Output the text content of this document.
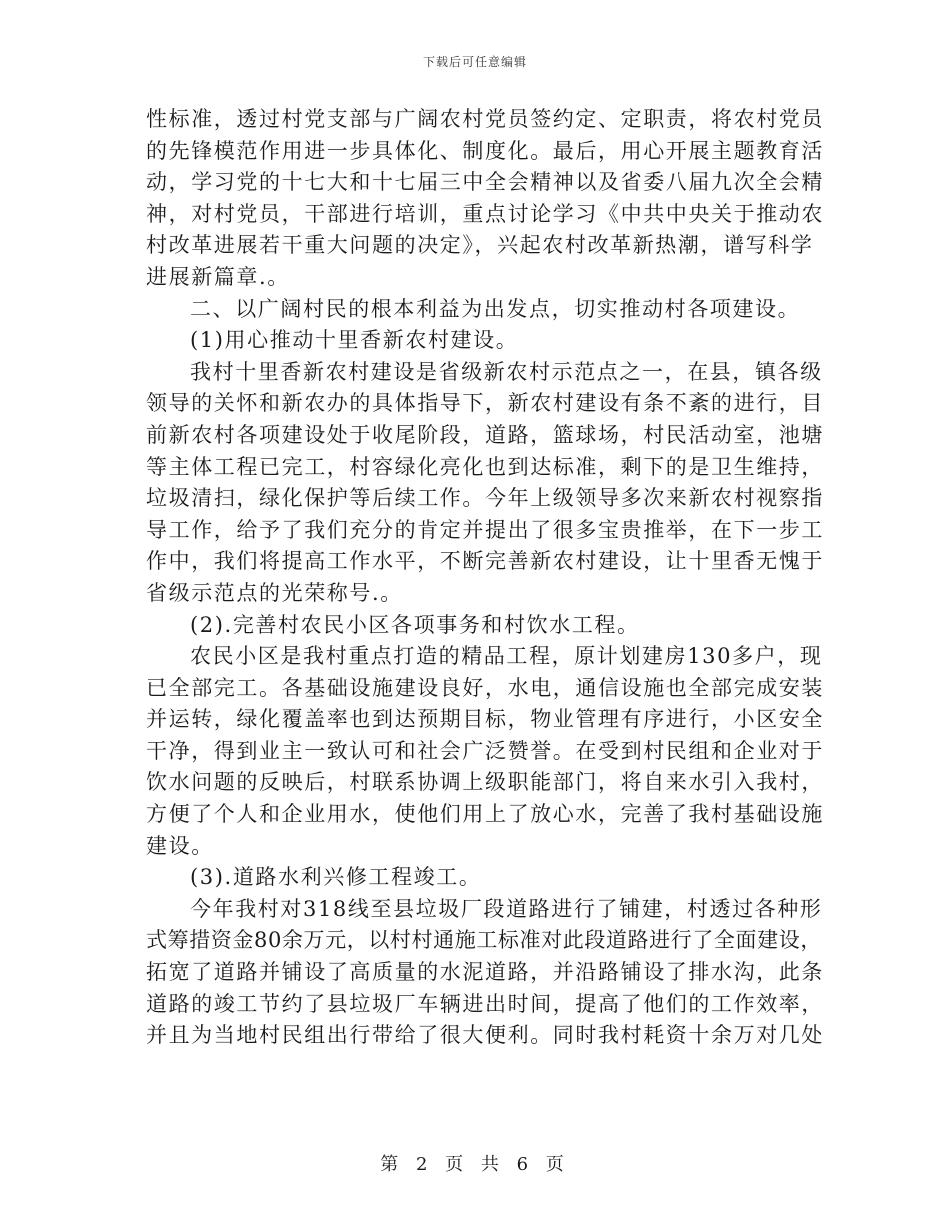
下载后可任意编辑
性标准，透过村党支部与广阔农村党员签约定、定职责，将农村党员
的先锋模范作用进一步具体化、制度化。最后，用心开展主题教育活
动，学习党的十七大和十七届三中全会精神以及省委八届九次全会精
神，对村党员，干部进行培训，重点讨论学习《中共中央关于推动农
村改革进展若干重大问题的决定》，兴起农村改革新热潮，谱写科学
进展新篇章.。
二、以广阔村民的根本利益为出发点，切实推动村各项建设。
(1)用心推动十里香新农村建设。
我村十里香新农村建设是省级新农村示范点之一，在县，镇各级
领导的关怀和新农办的具体指导下，新农村建设有条不紊的进行，目
前新农村各项建设处于收尾阶段，道路，篮球场，村民活动室，池塘
等主体工程已完工，村容绿化亮化也到达标准，剩下的是卫生维持，
垃圾清扫，绿化保护等后续工作。今年上级领导多次来新农村视察指
导工作，给予了我们充分的肯定并提出了很多宝贵推举，在下一步工
作中，我们将提高工作水平，不断完善新农村建设，让十里香无愧于
省级示范点的光荣称号.。
(2).完善村农民小区各项事务和村饮水工程。
农民小区是我村重点打造的精品工程，原计划建房130多户，现
已全部完工。各基础设施建设良好，水电，通信设施也全部完成安装
并运转，绿化覆盖率也到达预期目标，物业管理有序进行，小区安全
干净，得到业主一致认可和社会广泛赞誉。在受到村民组和企业对于
饮水问题的反映后，村联系协调上级职能部门，将自来水引入我村，
方便了个人和企业用水，使他们用上了放心水，完善了我村基础设施
建设。
(3).道路水利兴修工程竣工。
今年我村对318线至县垃圾厂段道路进行了铺建，村透过各种形
式筹措资金80余万元，以村村通施工标准对此段道路进行了全面建设，
拓宽了道路并铺设了高质量的水泥道路，并沿路铺设了排水沟，此条
道路的竣工节约了县垃圾厂车辆进出时间，提高了他们的工作效率，
并且为当地村民组出行带给了很大便利。同时我村耗资十余万对几处
第 2 页 共 6 页
